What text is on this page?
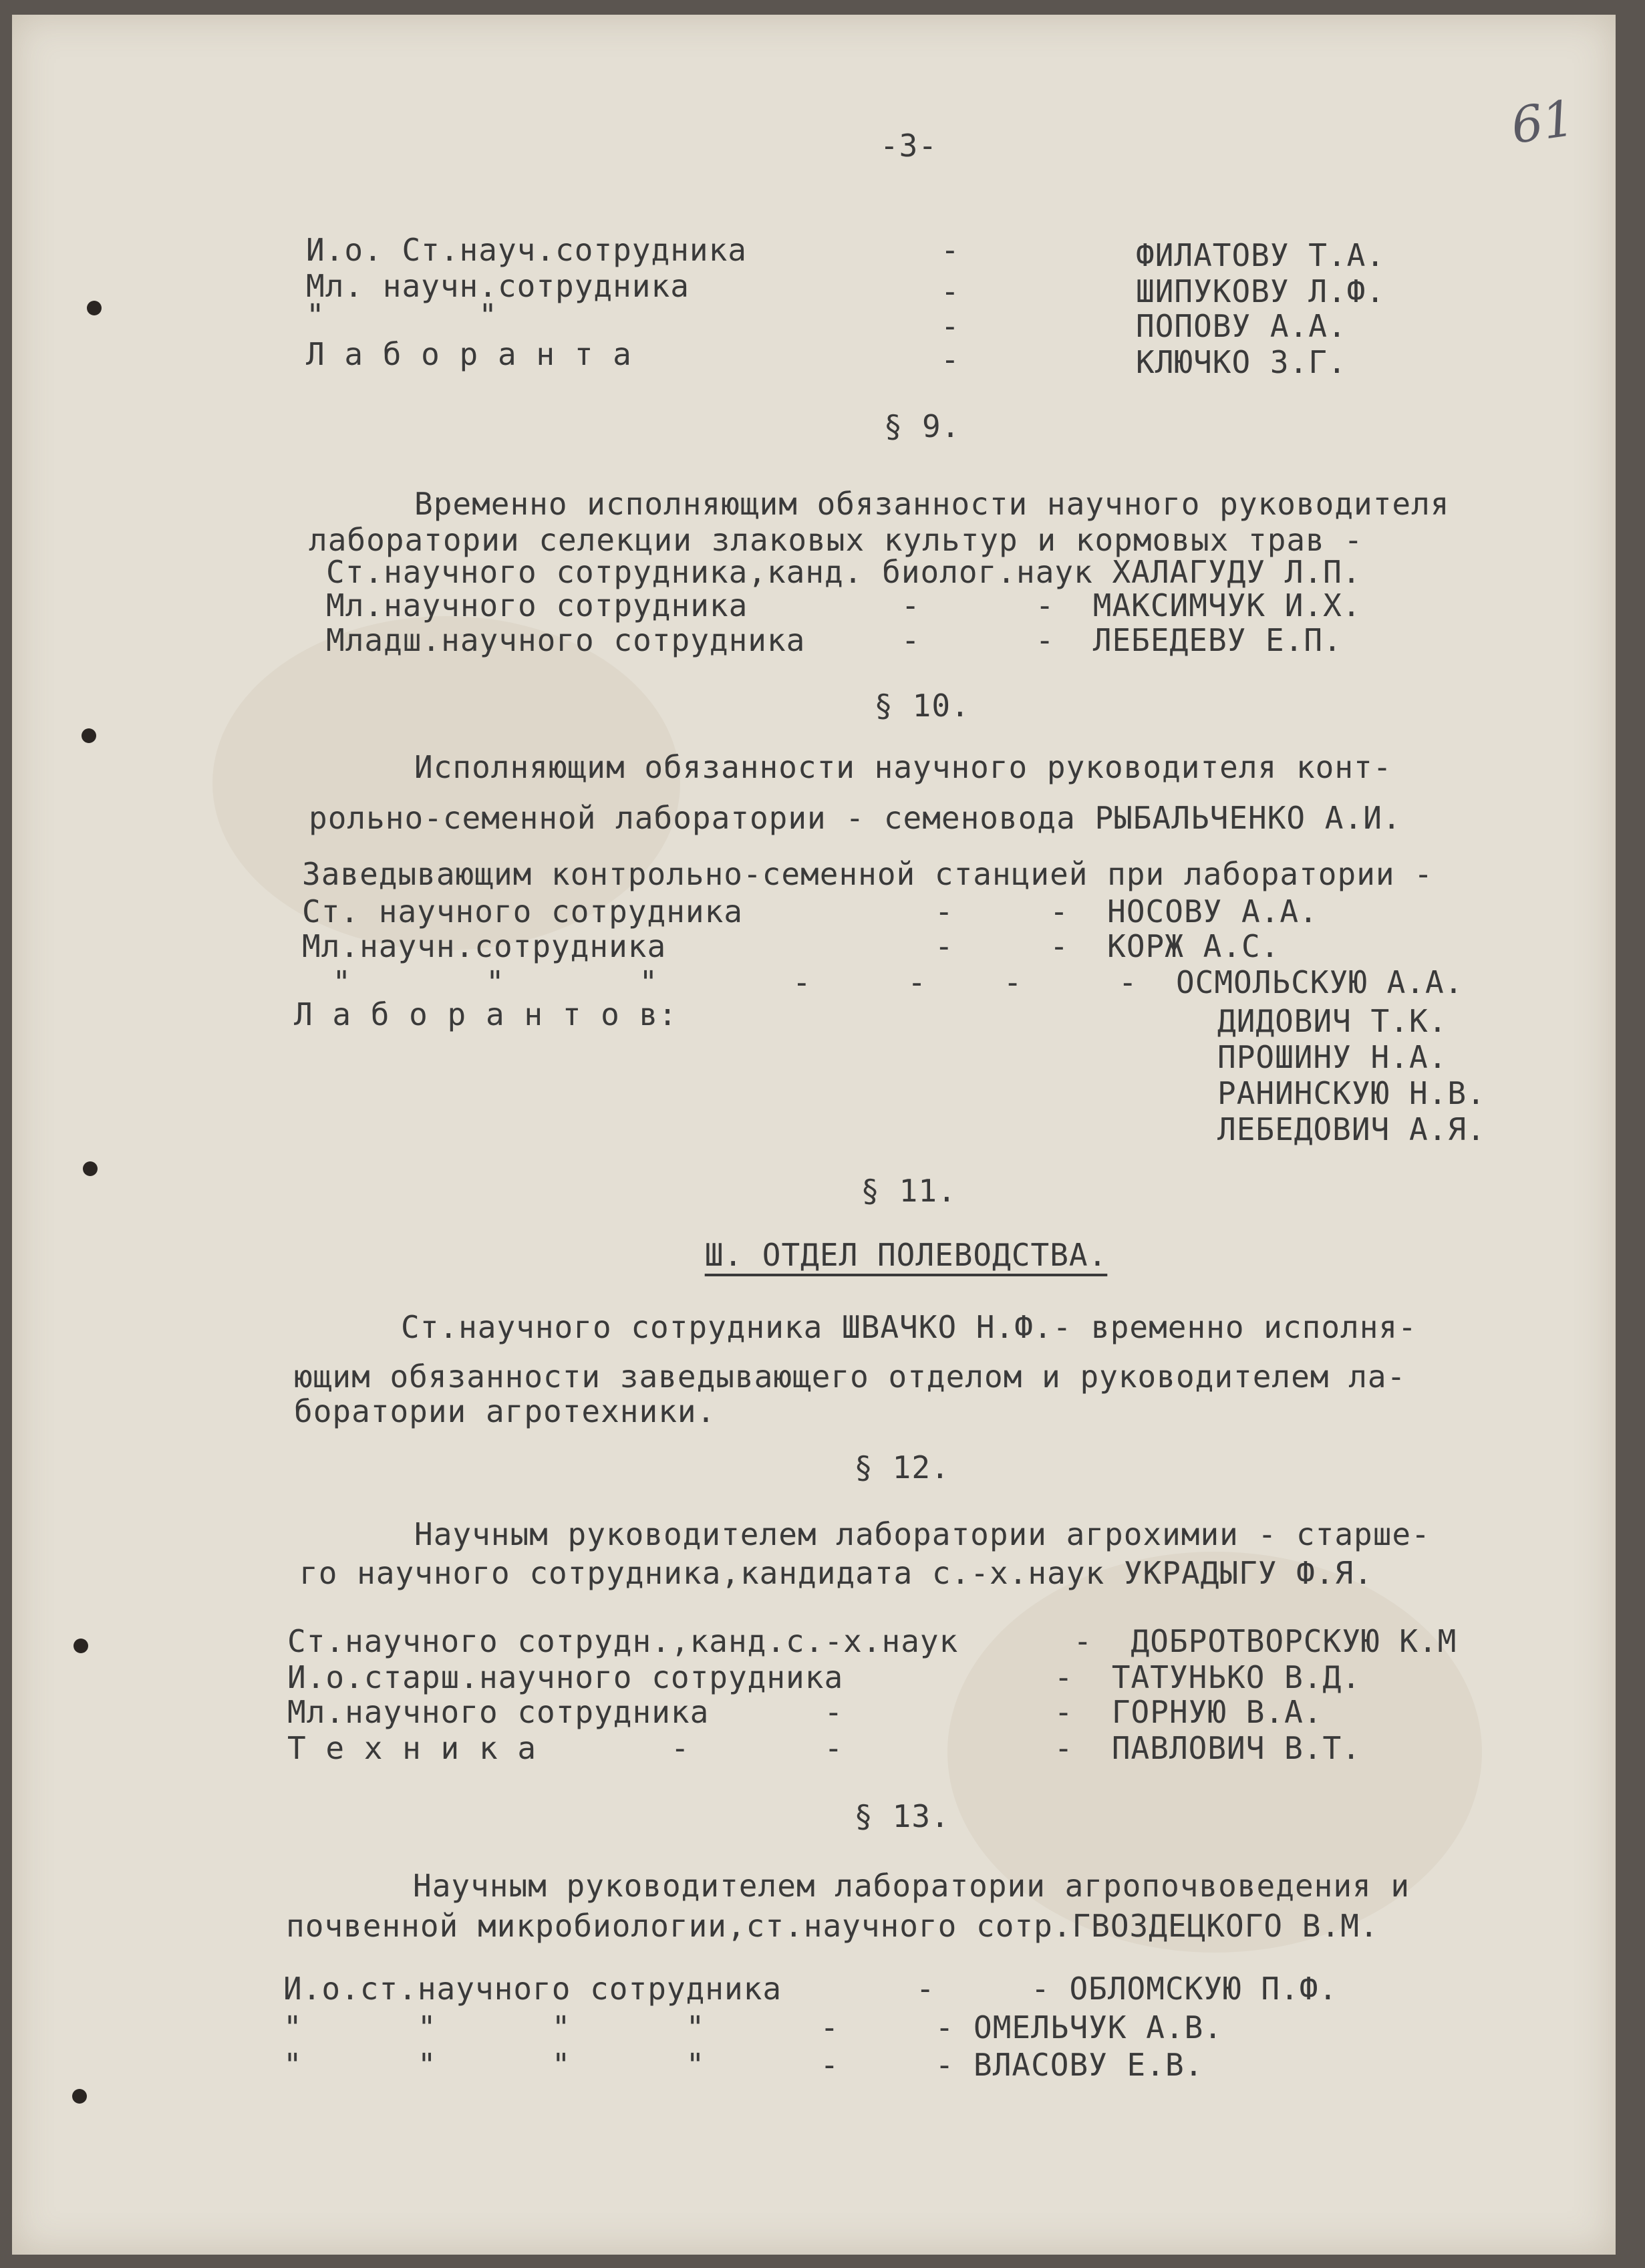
61
-3-
И.о. Ст.науч.сотрудника	-	ФИЛАТОВУ Т.А.
Мл. научн.сотрудника	-	ШИПУКОВУ Л.Ф.
"        "	-	ПОПОВУ А.А.
Л а б о р а н т а	-	КЛЮЧКО З.Г.
§ 9.
Временно исполняющим обязанности научного руководителя
лаборатории селекции злаковых культур и кормовых трав -
Ст.научного сотрудника,канд. биолог.наук ХАЛАГУДУ Л.П.
Мл.научного сотрудника        -      -  МАКСИМЧУК И.Х.
Младш.научного сотрудника     -      -  ЛЕБЕДЕВУ Е.П.
§ 10.
Исполняющим обязанности научного руководителя конт-
рольно-семенной лаборатории - семеновода РЫБАЛЬЧЕНКО А.И.
Заведывающим контрольно-семенной станцией при лаборатории -
Ст. научного сотрудника          -     -  НОСОВУ А.А.
Мл.научн.сотрудника              -     -  КОРЖ А.С.
"       "       "       -     -    -     -  ОСМОЛЬСКУЮ А.А.
Л а б о р а н т о в:	ДИДОВИЧ Т.К.
ПРОШИНУ Н.А.
РАНИНСКУЮ Н.В.
ЛЕБЕДОВИЧ А.Я.
§ 11.
Ш. ОТДЕЛ ПОЛЕВОДСТВА.
Ст.научного сотрудника ШВАЧКО Н.Ф.- временно исполня-
ющим обязанности заведывающего отделом и руководителем ла-
боратории агротехники.
§ 12.
Научным руководителем лаборатории агрохимии - старше-
го научного сотрудника,кандидата с.-х.наук УКРАДЫГУ Ф.Я.
Ст.научного сотрудн.,канд.с.-х.наук      -  ДОБРОТВОРСКУЮ К.М
И.о.старш.научного сотрудника           -  ТАТУНЬКО В.Д.
Мл.научного сотрудника      -           -  ГОРНУЮ В.А.
Т е х н и к а       -       -           -  ПАВЛОВИЧ В.Т.
§ 13.
Научным руководителем лаборатории агропочвоведения и
почвенной микробиологии,ст.научного сотр.ГВОЗДЕЦКОГО В.М.
И.о.ст.научного сотрудника       -     - ОБЛОМСКУЮ П.Ф.
"      "      "      "      -     - ОМЕЛЬЧУК А.В.
"      "      "      "      -     - ВЛАСОВУ Е.В.
